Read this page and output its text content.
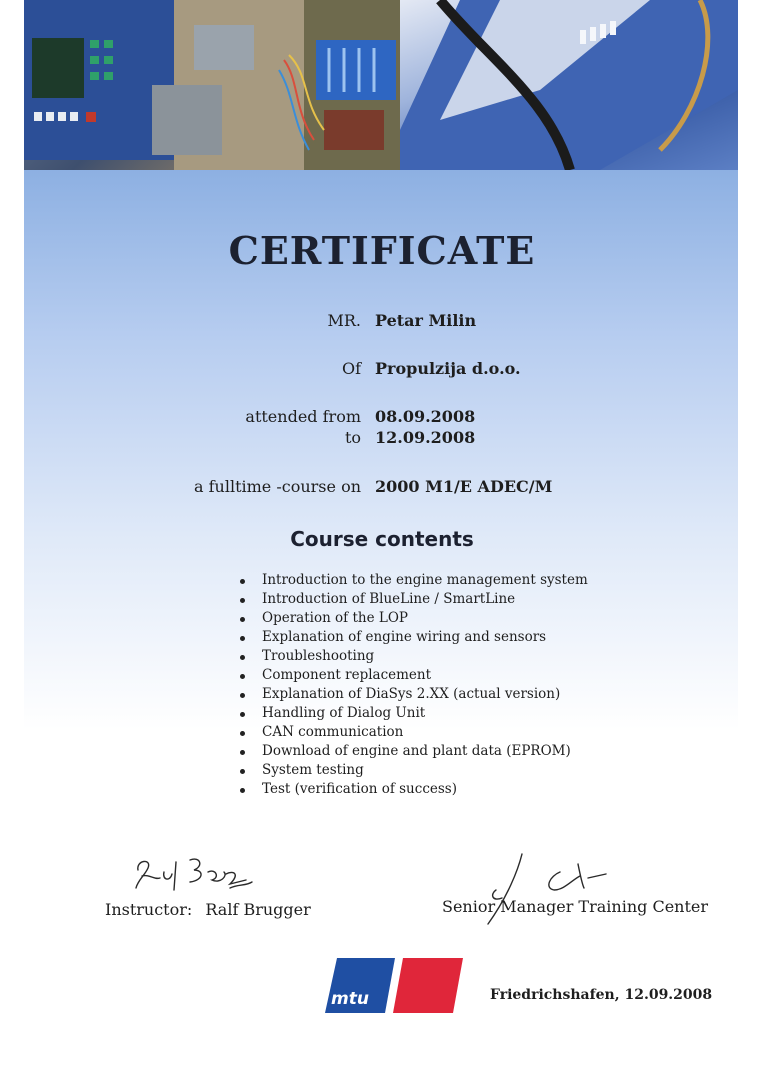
CERTIFICATE
MR. Petar Milin
Of Propulzija d.o.o.
attended from 08.09.2008
to 12.09.2008
a fulltime -course on 2000 M1/E ADEC/M
Course contents
Introduction to the engine management system
Introduction of BlueLine / SmartLine
Operation of the LOP
Explanation of engine wiring and sensors
Troubleshooting
Component replacement
Explanation of DiaSys 2.XX (actual version)
Handling of Dialog Unit
CAN communication
Download of engine and plant data (EPROM)
System testing
Test (verification of success)
Instructor: Ralf Brugger	Senior Manager Training Center
mtu	Friedrichshafen, 12.09.2008
